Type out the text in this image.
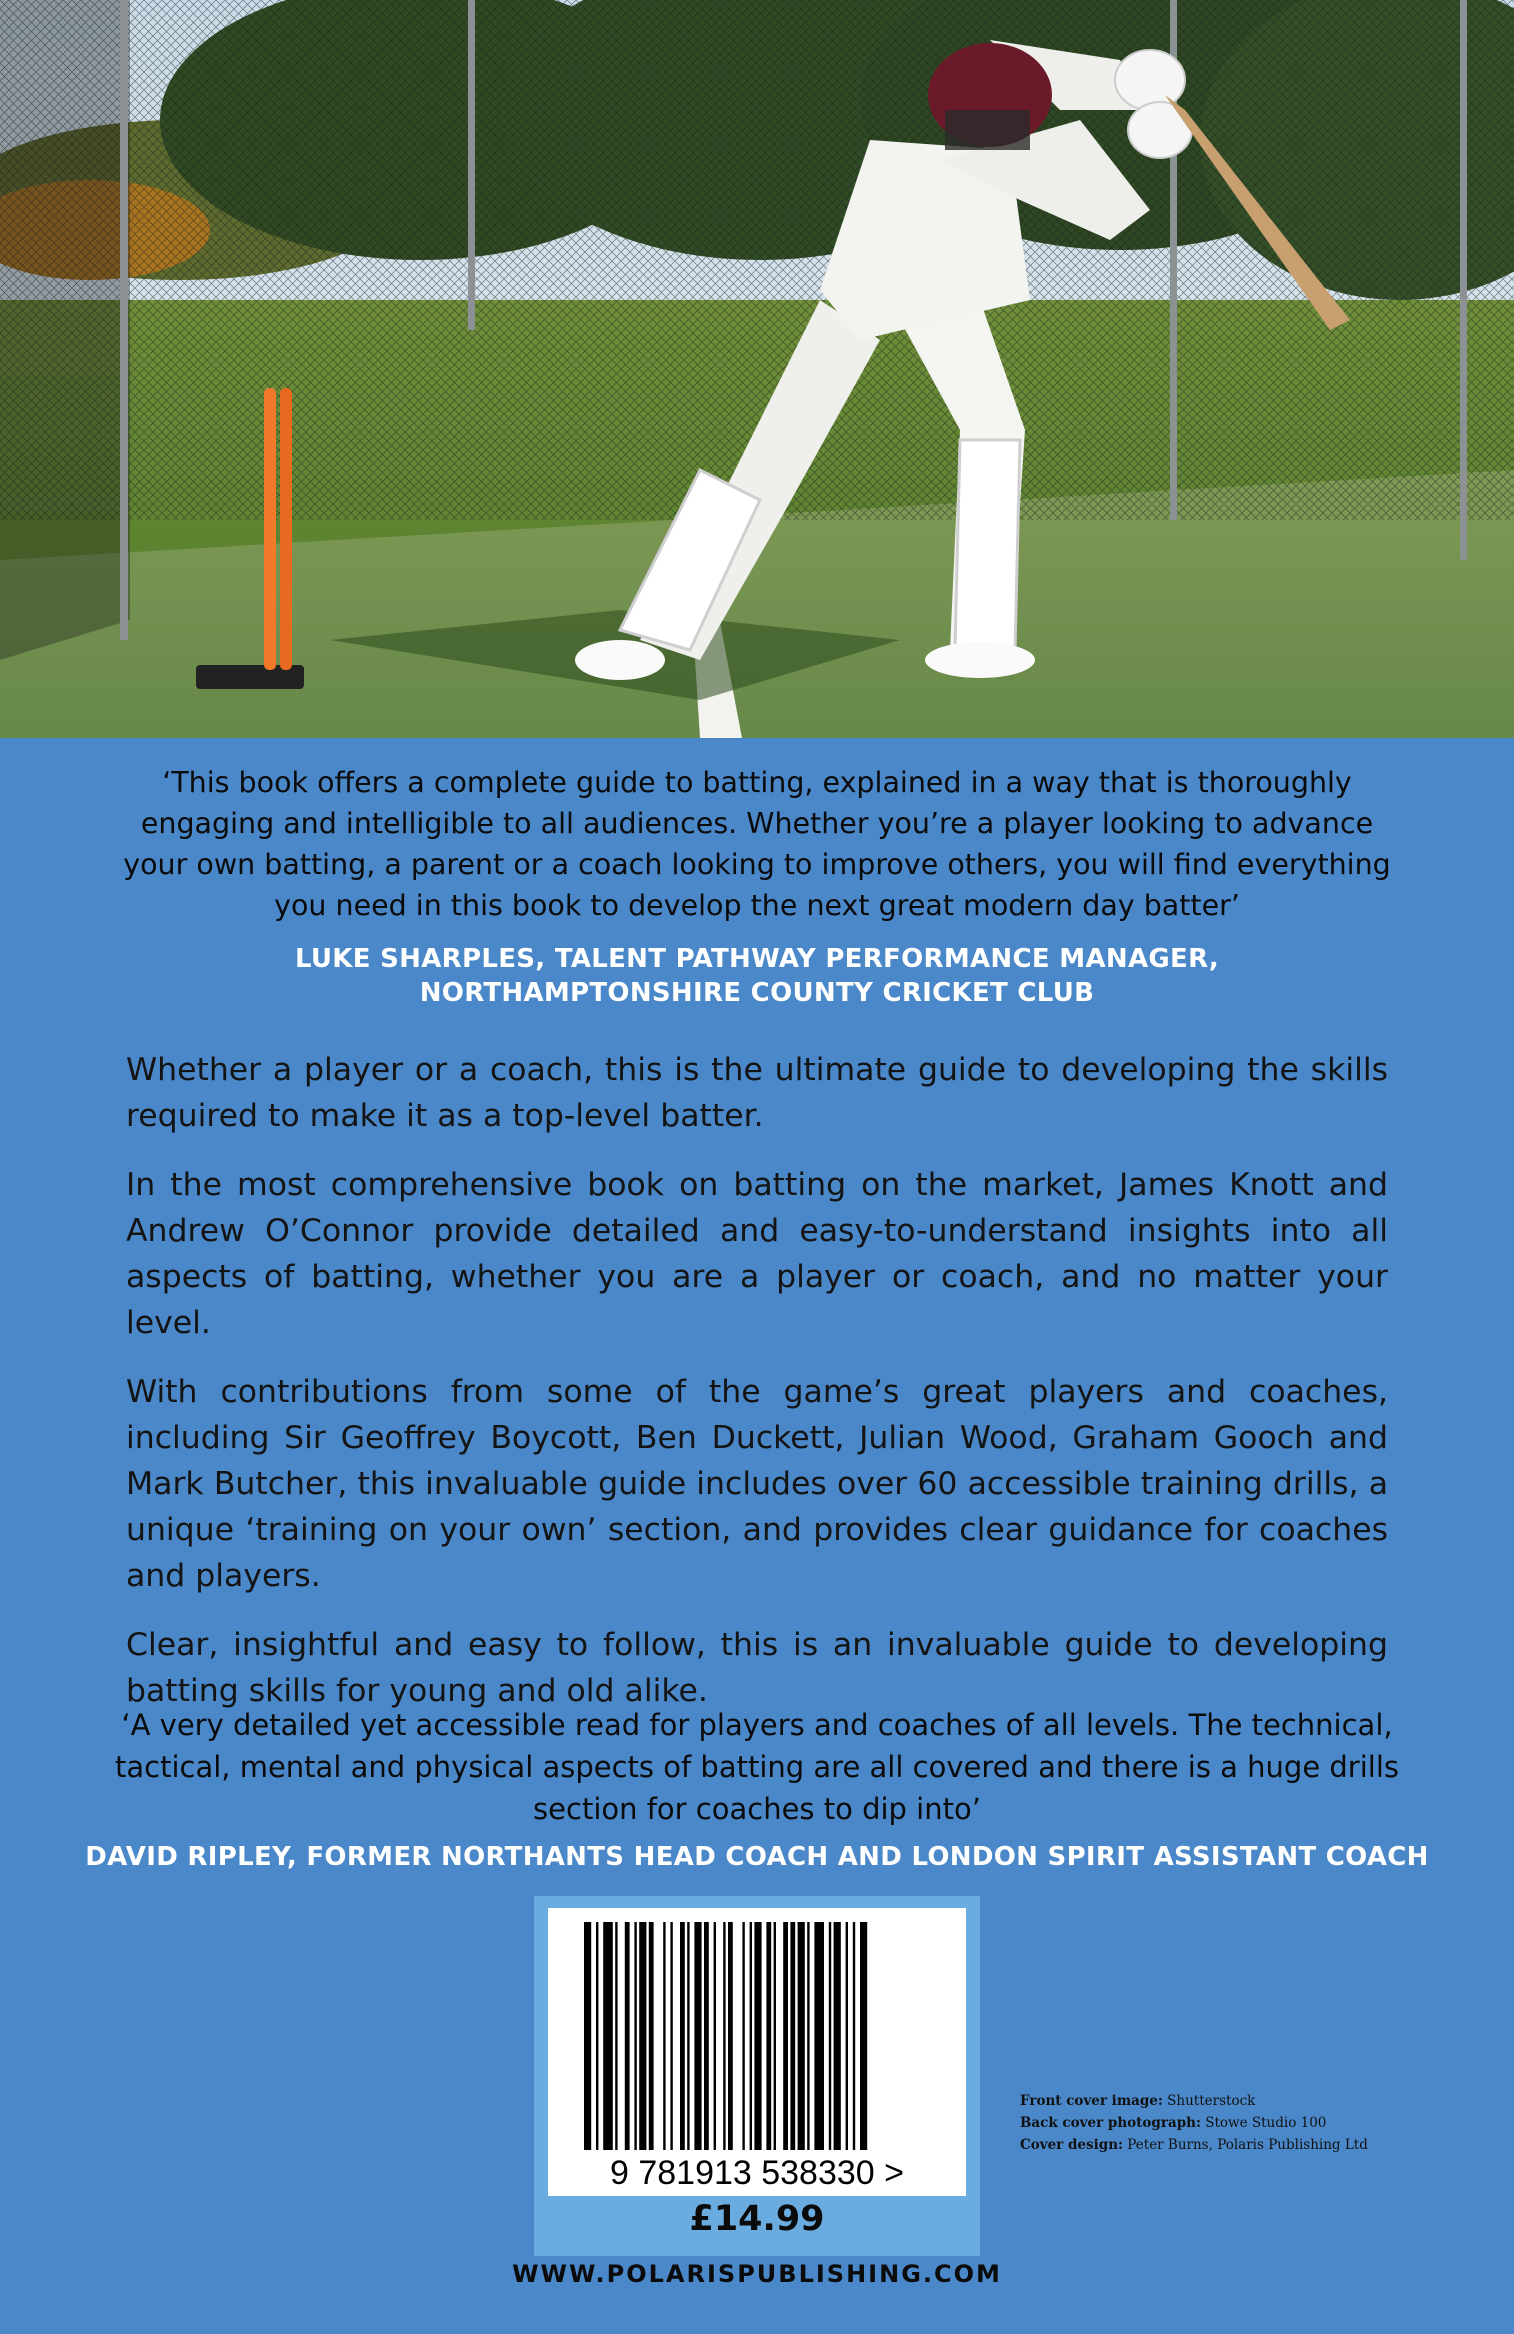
‘This book offers a complete guide to batting, explained in a way that is thoroughly engaging and intelligible to all audiences. Whether you’re a player looking to advance your own batting, a parent or a coach looking to improve others, you will find everything you need in this book to develop the next great modern day batter’
LUKE SHARPLES, TALENT PATHWAY PERFORMANCE MANAGER,
NORTHAMPTONSHIRE COUNTY CRICKET CLUB

Whether a player or a coach, this is the ultimate guide to developing the skills required to make it as a top-level batter.

In the most comprehensive book on batting on the market, James Knott and Andrew O’Connor provide detailed and easy-to-understand insights into all aspects of batting, whether you are a player or coach, and no matter your level.

With contributions from some of the game’s great players and coaches, including Sir Geoffrey Boycott, Ben Duckett, Julian Wood, Graham Gooch and Mark Butcher, this invaluable guide includes over 60 accessible training drills, a unique ‘training on your own’ section, and provides clear guidance for coaches and players.

Clear, insightful and easy to follow, this is an invaluable guide to developing batting skills for young and old alike.

‘A very detailed yet accessible read for players and coaches of all levels. The technical, tactical, mental and physical aspects of batting are all covered and there is a huge drills section for coaches to dip into’
DAVID RIPLEY, FORMER NORTHANTS HEAD COACH AND LONDON SPIRIT ASSISTANT COACH
9 781913 538330 >
£14.99
WWW.POLARISPUBLISHING.COM
Front cover image: Shutterstock
Back cover photograph: Stowe Studio 100
Cover design: Peter Burns, Polaris Publishing Ltd
